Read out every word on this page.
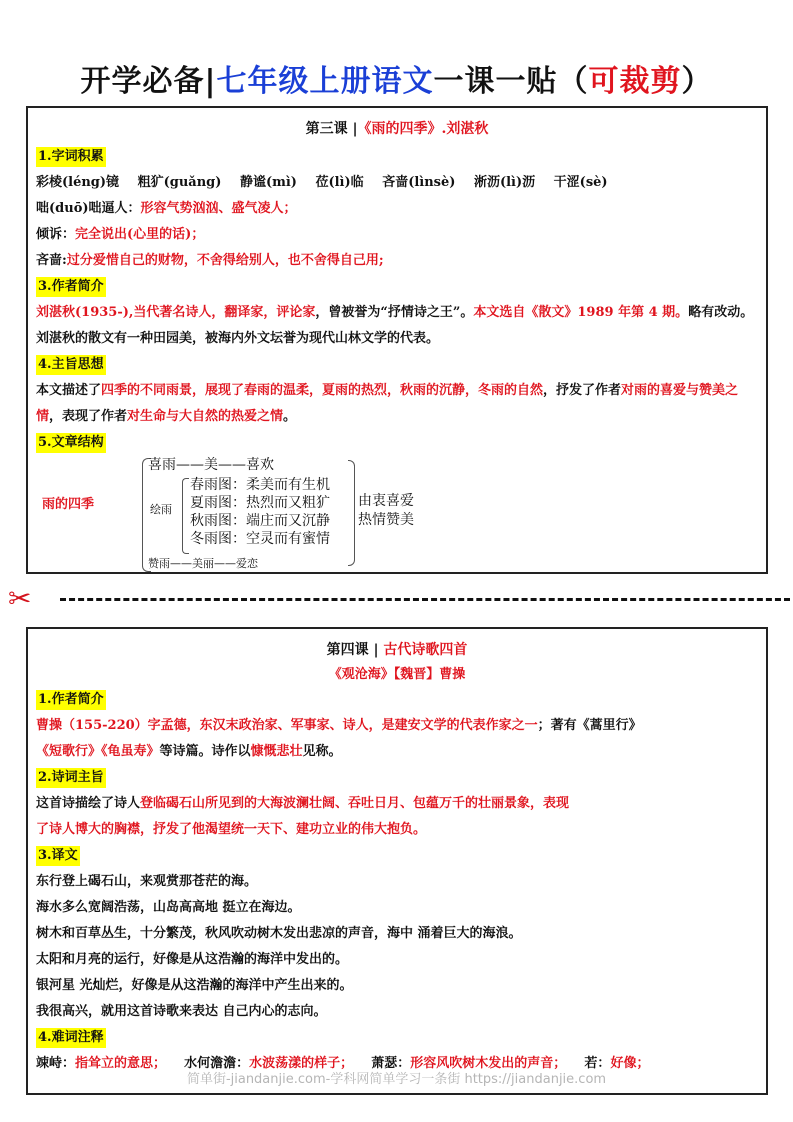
开学必备|七年级上册语文一课一贴（可裁剪）
第三课 |《雨的四季》.刘湛秋
1.字词积累
彩棱(léng)镜 粗犷(guǎng) 静谧(mì) 莅(lì)临 吝啬(lìnsè) 淅沥(lì)沥 干涩(sè)
咄(duō)咄逼人：形容气势汹汹、盛气凌人；
倾诉：完全说出(心里的话)；
吝啬:过分爱惜自己的财物，不舍得给别人，也不舍得自己用;
3.作者简介
刘湛秋(1935-),当代著名诗人，翻译家，评论家，曾被誉为“抒情诗之王”。本文选自《散文》1989 年第 4 期。略有改动。刘湛秋的散文有一种田园美，被海内外文坛誉为现代山林文学的代表。
4.主旨思想
本文描述了四季的不同雨景，展现了春雨的温柔，夏雨的热烈，秋雨的沉静，冬雨的自然，抒发了作者对雨的喜爱与赞美之情，表现了作者对生命与大自然的热爱之情。
5.文章结构
雨的四季
喜雨——美——喜欢
绘雨
春雨图：柔美而有生机
夏雨图：热烈而又粗犷
秋雨图：端庄而又沉静
冬雨图：空灵而有蜜情
由衷喜爱
热情赞美
赞雨——美丽——爱恋
✂
第四课 | 古代诗歌四首
《观沧海》【魏晋】曹操
1.作者简介
曹操（155-220）字孟德，东汉末政治家、军事家、诗人，是建安文学的代表作家之一；著有《蒿里行》《短歌行》《龟虽寿》等诗篇。诗作以慷慨悲壮见称。
2.诗词主旨
这首诗描绘了诗人登临碣石山所见到的大海波澜壮阔、吞吐日月、包蕴万千的壮丽景象，表现
了诗人博大的胸襟，抒发了他渴望统一天下、建功立业的伟大抱负。
3.译文
东行登上碣石山，来观赏那苍茫的海。
海水多么宽阔浩荡，山岛高高地 挺立在海边。
树木和百草丛生，十分繁茂，秋风吹动树木发出悲凉的声音，海中 涌着巨大的海浪。
太阳和月亮的运行，好像是从这浩瀚的海洋中发出的。
银河星 光灿烂，好像是从这浩瀚的海洋中产生出来的。
我很高兴，就用这首诗歌来表达 自己内心的志向。
4.难词注释
竦峙：指耸立的意思； 水何澹澹：水波荡漾的样子； 萧瑟：形容风吹树木发出的声音； 若：好像；
简单街-jiandanjie.com-学科网简单学习一条街 https://jiandanjie.com
